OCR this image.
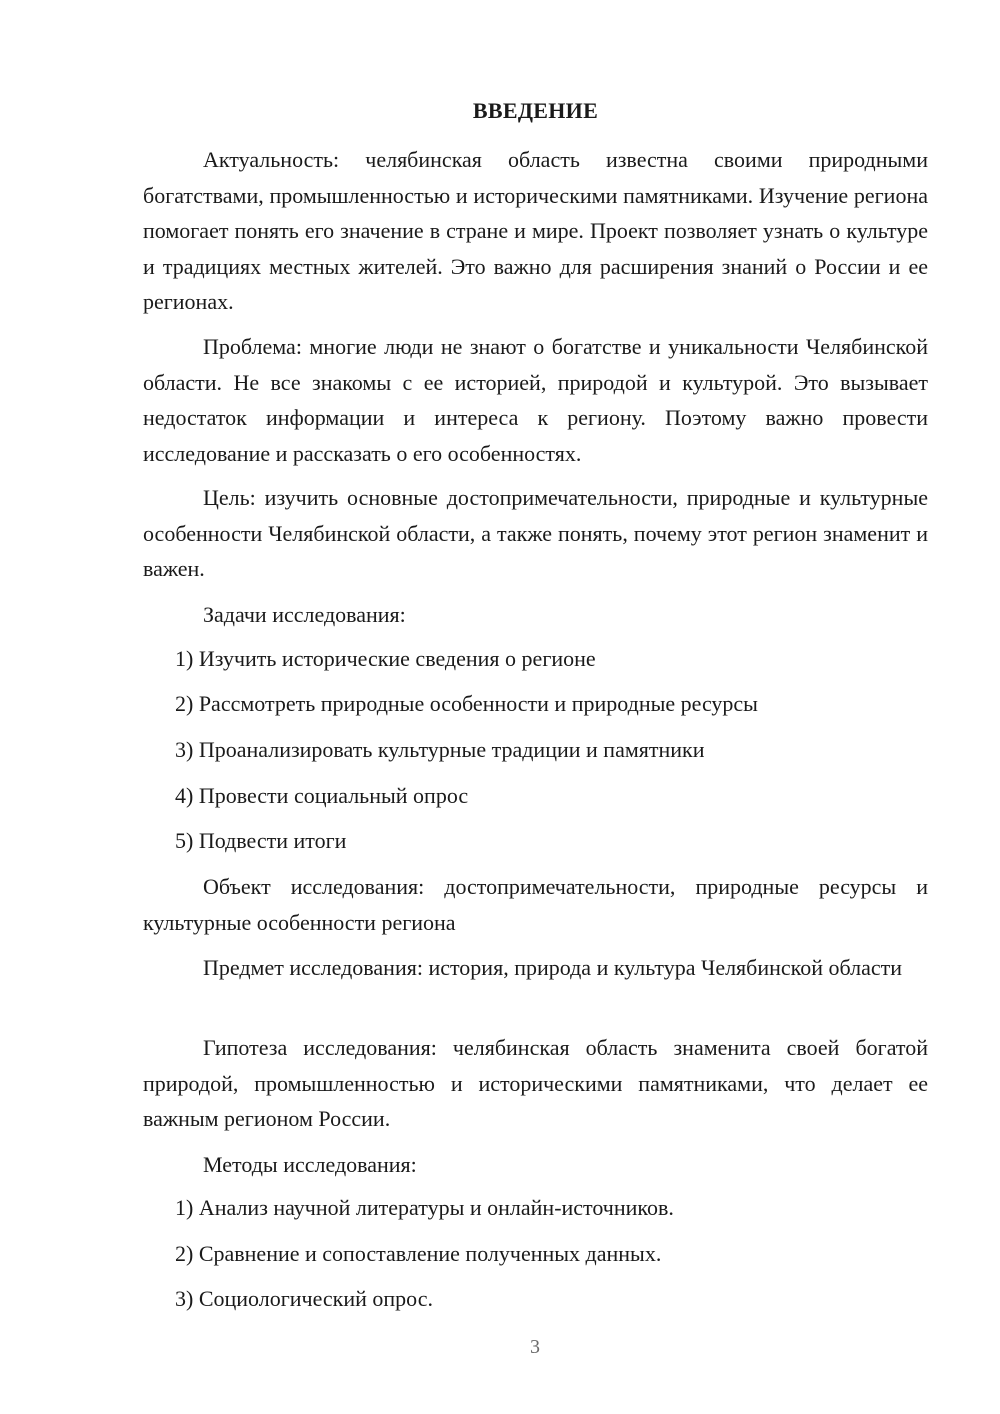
ВВЕДЕНИЕ

Актуальность: челябинская область известна своими природными богатствами, промышленностью и историческими памятниками. Изучение региона помогает понять его значение в стране и мире. Проект позволяет узнать о культуре и традициях местных жителей. Это важно для расширения знаний о России и ее регионах.

Проблема: многие люди не знают о богатстве и уникальности Челябинской области. Не все знакомы с ее историей, природой и культурой. Это вызывает недостаток информации и интереса к региону. Поэтому важно провести исследование и рассказать о его особенностях.

Цель: изучить основные достопримечательности, природные и культурные особенности Челябинской области, а также понять, почему этот регион знаменит и важен.

Задачи исследования:

1) Изучить исторические сведения о регионе

2) Рассмотреть природные особенности и природные ресурсы

3) Проанализировать культурные традиции и памятники

4) Провести социальный опрос

5) Подвести итоги

Объект исследования: достопримечательности, природные ресурсы и культурные особенности региона

Предмет исследования: история, природа и культура Челябинской области

Гипотеза исследования: челябинская область знаменита своей богатой природой, промышленностью и историческими памятниками, что делает ее важным регионом России.

Методы исследования:

1) Анализ научной литературы и онлайн-источников.

2) Сравнение и сопоставление полученных данных.

3) Социологический опрос.

3
